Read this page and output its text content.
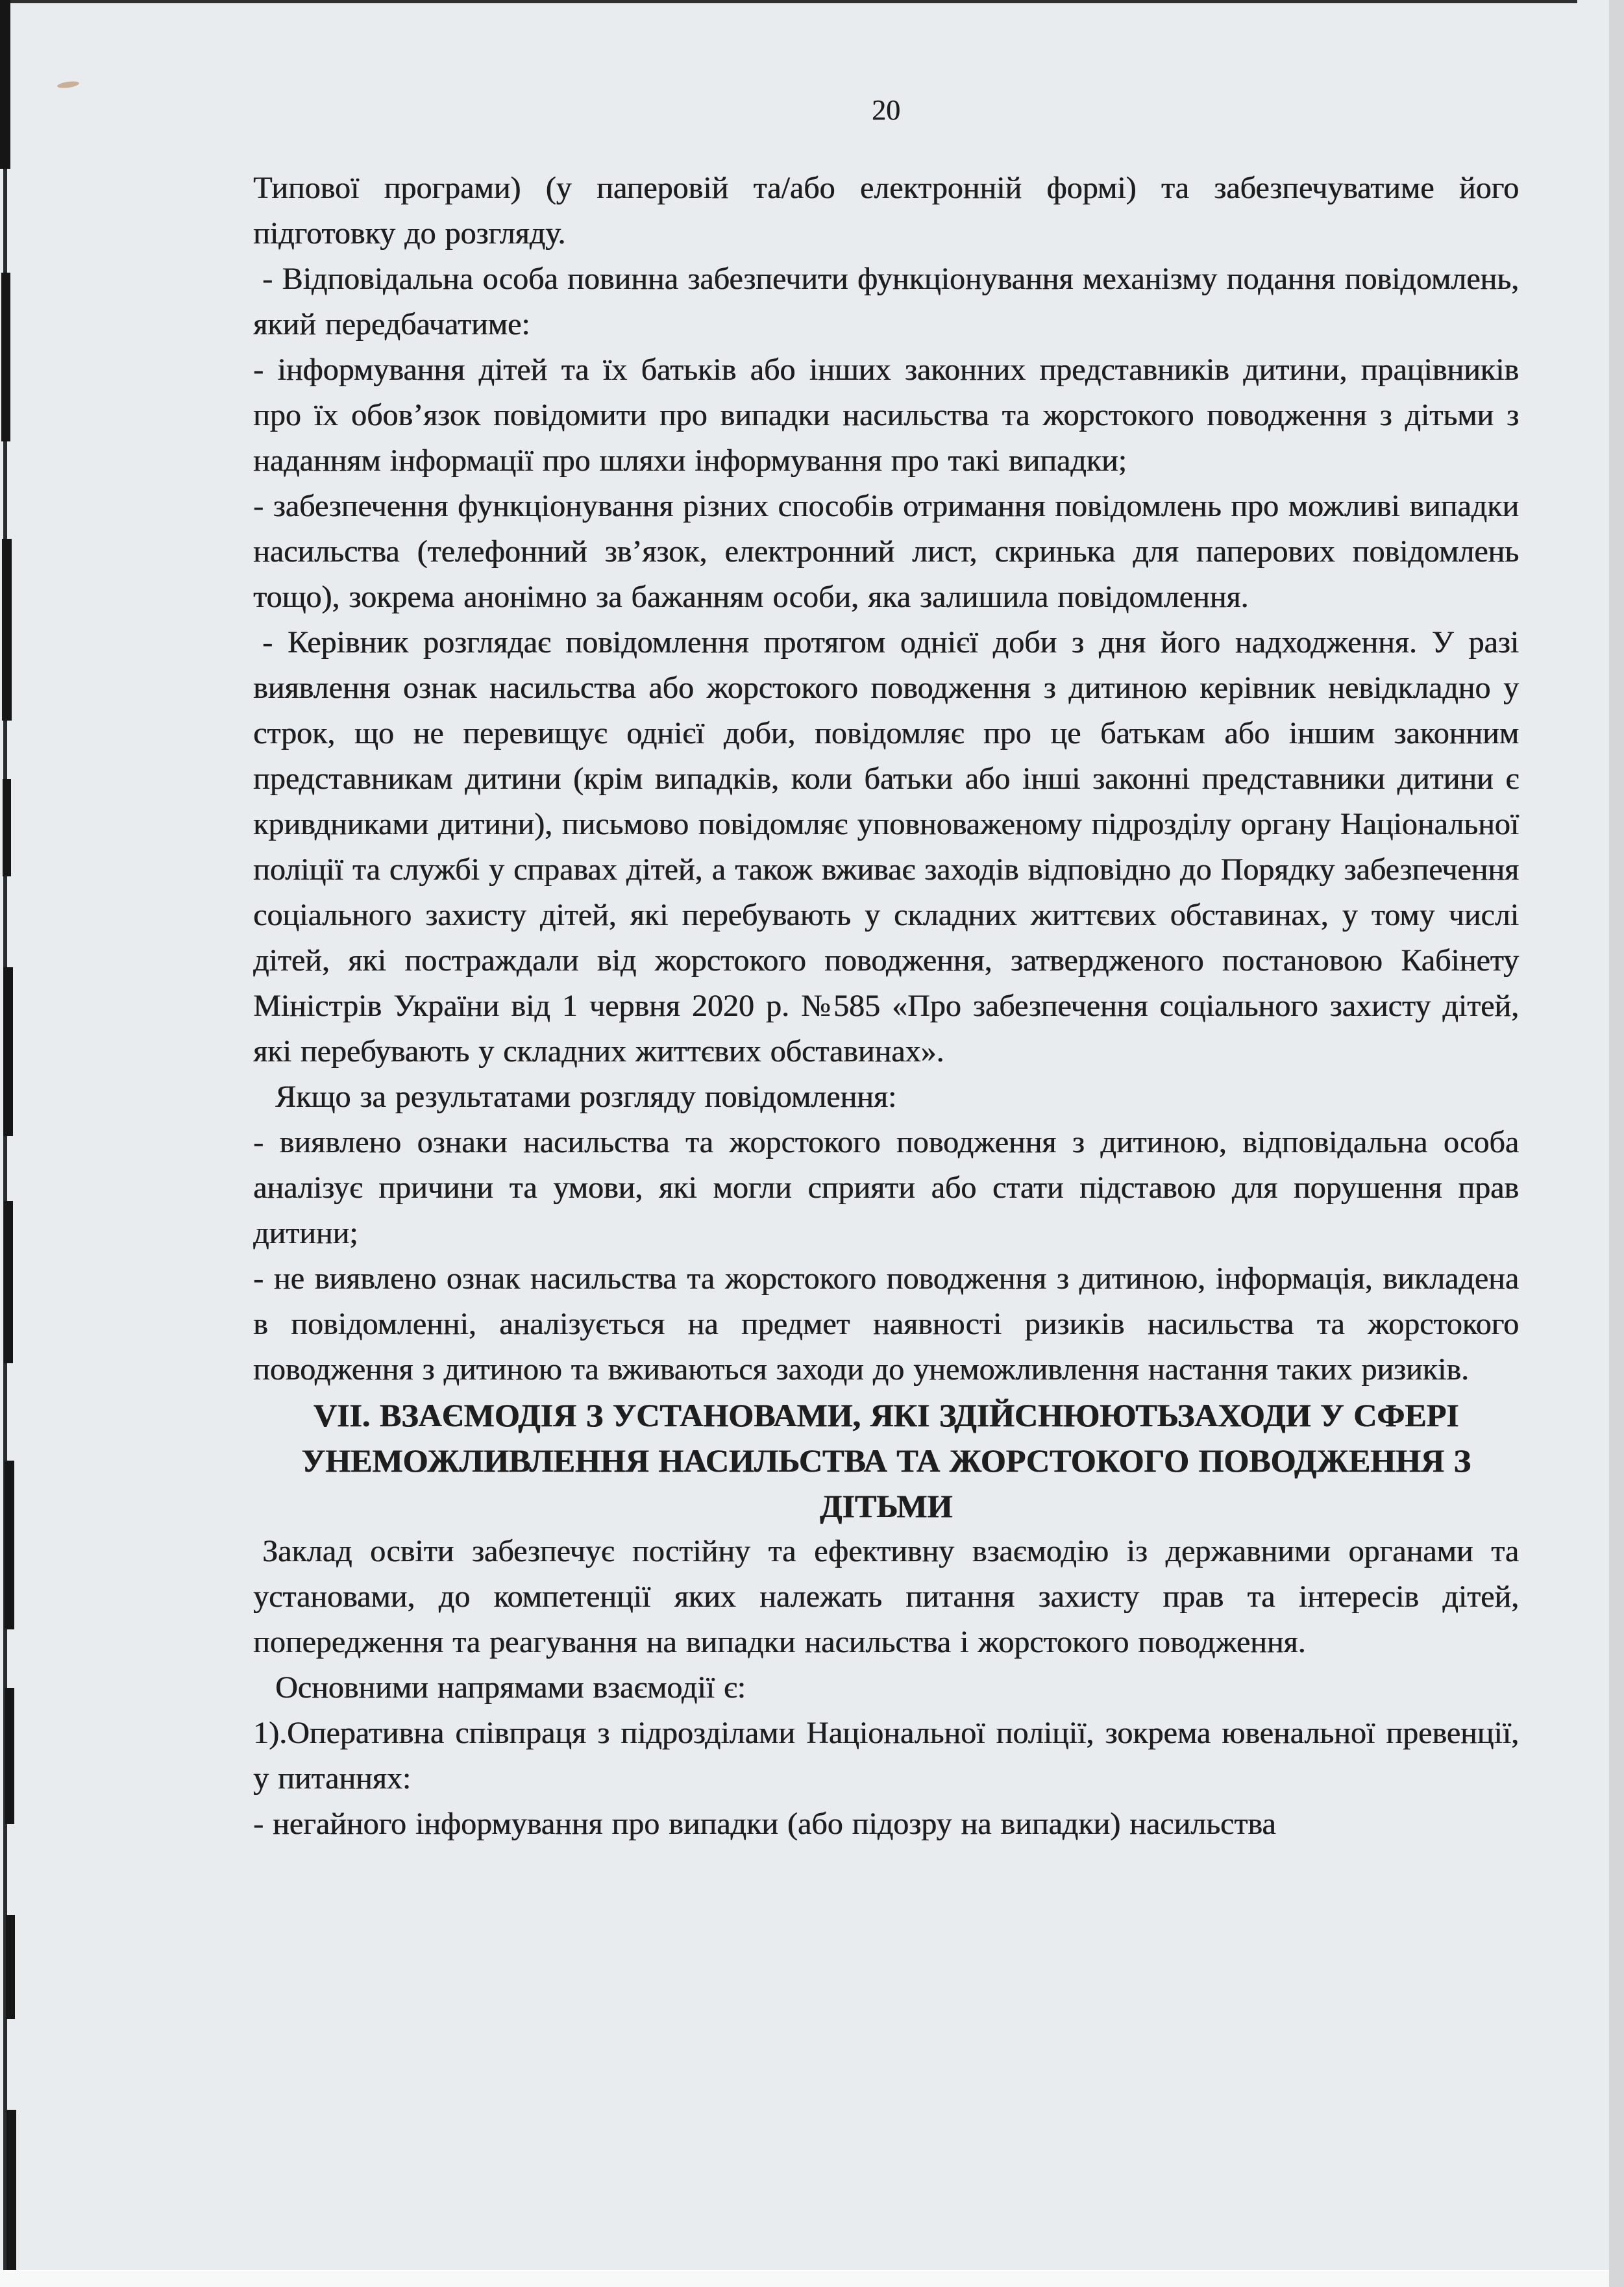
20

Типової програми) (у паперовій та/або електронній формі) та забезпечуватиме його підготовку до розгляду.

- Відповідальна особа повинна забезпечити функціонування механізму подання повідомлень, який передбачатиме:

- інформування дітей та їх батьків або інших законних представників дитини, працівників про їх обов’язок повідомити про випадки насильства та жорстокого поводження з дітьми з наданням інформації про шляхи інформування про такі випадки;

- забезпечення функціонування різних способів отримання повідомлень про можливі випадки насильства (телефонний зв’язок, електронний лист, скринька для паперових повідомлень тощо), зокрема анонімно за бажанням особи, яка залишила повідомлення.

- Керівник розглядає повідомлення протягом однієї доби з дня його надходження. У разі виявлення ознак насильства або жорстокого поводження з дитиною керівник невідкладно у строк, що не перевищує однієї доби, повідомляє про це батькам або іншим законним представникам дитини (крім випадків, коли батьки або інші законні представники дитини є кривдниками дитини), письмово повідомляє уповноваженому підрозділу органу Національної поліції та службі у справах дітей, а також вживає заходів відповідно до Порядку забезпечення соціального захисту дітей, які перебувають у складних життєвих обставинах, у тому числі дітей, які постраждали від жорстокого поводження, затвердженого постановою Кабінету Міністрів України від 1 червня 2020 р. №585 «Про забезпечення соціального захисту дітей, які перебувають у складних життєвих обставинах».

Якщо за результатами розгляду повідомлення:

- виявлено ознаки насильства та жорстокого поводження з дитиною, відповідальна особа аналізує причини та умови, які могли сприяти або стати підставою для порушення прав дитини;

- не виявлено ознак насильства та жорстокого поводження з дитиною, інформація, викладена в повідомленні, аналізується на предмет наявності ризиків насильства та жорстокого поводження з дитиною та вживаються заходи до унеможливлення настання таких ризиків.

VII. ВЗАЄМОДІЯ З УСТАНОВАМИ, ЯКІ ЗДІЙСНЮЮТЬЗАХОДИ У СФЕРІ УНЕМОЖЛИВЛЕННЯ НАСИЛЬСТВА ТА ЖОРСТОКОГО ПОВОДЖЕННЯ З ДІТЬМИ

Заклад освіти забезпечує постійну та ефективну взаємодію із державними органами та установами, до компетенції яких належать питання захисту прав та інтересів дітей, попередження та реагування на випадки насильства і жорстокого поводження.

Основними напрямами взаємодії є:

1).Оперативна співпраця з підрозділами Національної поліції, зокрема ювенальної превенції, у питаннях:

- негайного інформування про випадки (або підозру на випадки) насильства
